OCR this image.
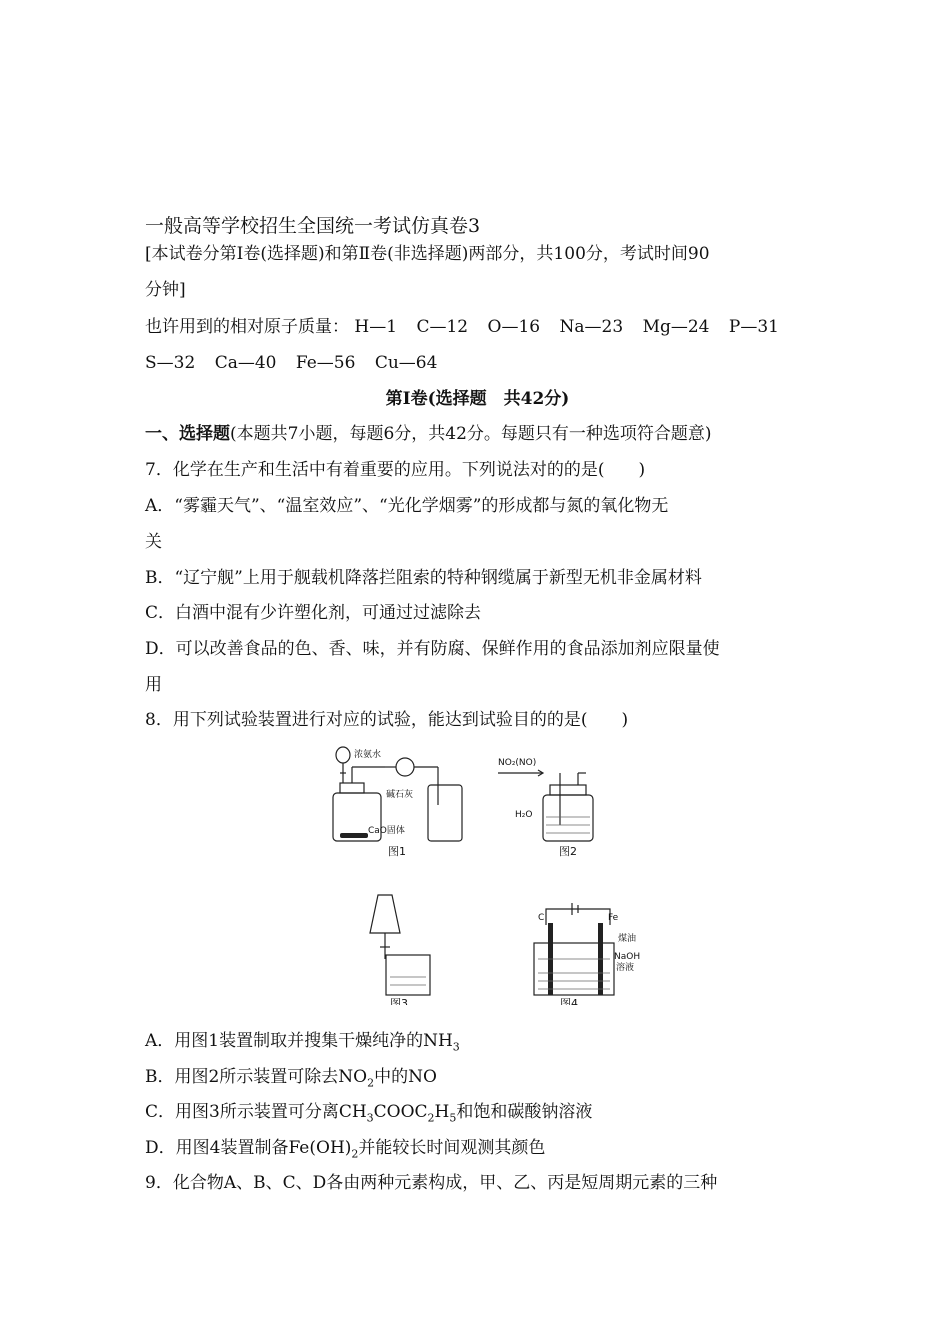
一般高等学校招生全国统一考试仿真卷3
[本试卷分第Ⅰ卷(选择题)和第Ⅱ卷(非选择题)两部分，共100分，考试时间90
分钟]
也许用到的相对原子质量： H—1 C—12 O—16 Na—23 Mg—24 P—31
S—32 Ca—40 Fe—56 Cu—64
第Ⅰ卷(选择题　共42分)
一、选择题(本题共7小题，每题6分，共42分。每题只有一种选项符合题意)
7．化学在生产和生活中有着重要的应用。下列说法对的的是(　　)
A．“雾霾天气”、“温室效应”、“光化学烟雾”的形成都与氮的氧化物无
关
B．“辽宁舰”上用于舰载机降落拦阻索的特种钢缆属于新型无机非金属材料
C．白酒中混有少许塑化剂，可通过过滤除去
D．可以改善食品的色、香、味，并有防腐、保鲜作用的食品添加剂应限量使
用
8．用下列试验装置进行对应的试验，能达到试验目的的是(　　)
浓氨水
碱石灰
CaO固体
NO₂(NO)
H₂O
C	Fe
煤油
NaOH
溶液
图1	图2
图3	图4
A．用图1装置制取并搜集干燥纯净的$NH_3$
B．用图2所示装置可除去$NO_2$中的NO
C．用图3所示装置可分离$CH_3COOC_2H_5$和饱和碳酸钠溶液
D．用图4装置制备$Fe(OH)_2$并能较长时间观测其颜色
9．化合物A、B、C、D各由两种元素构成，甲、乙、丙是短周期元素的三种
